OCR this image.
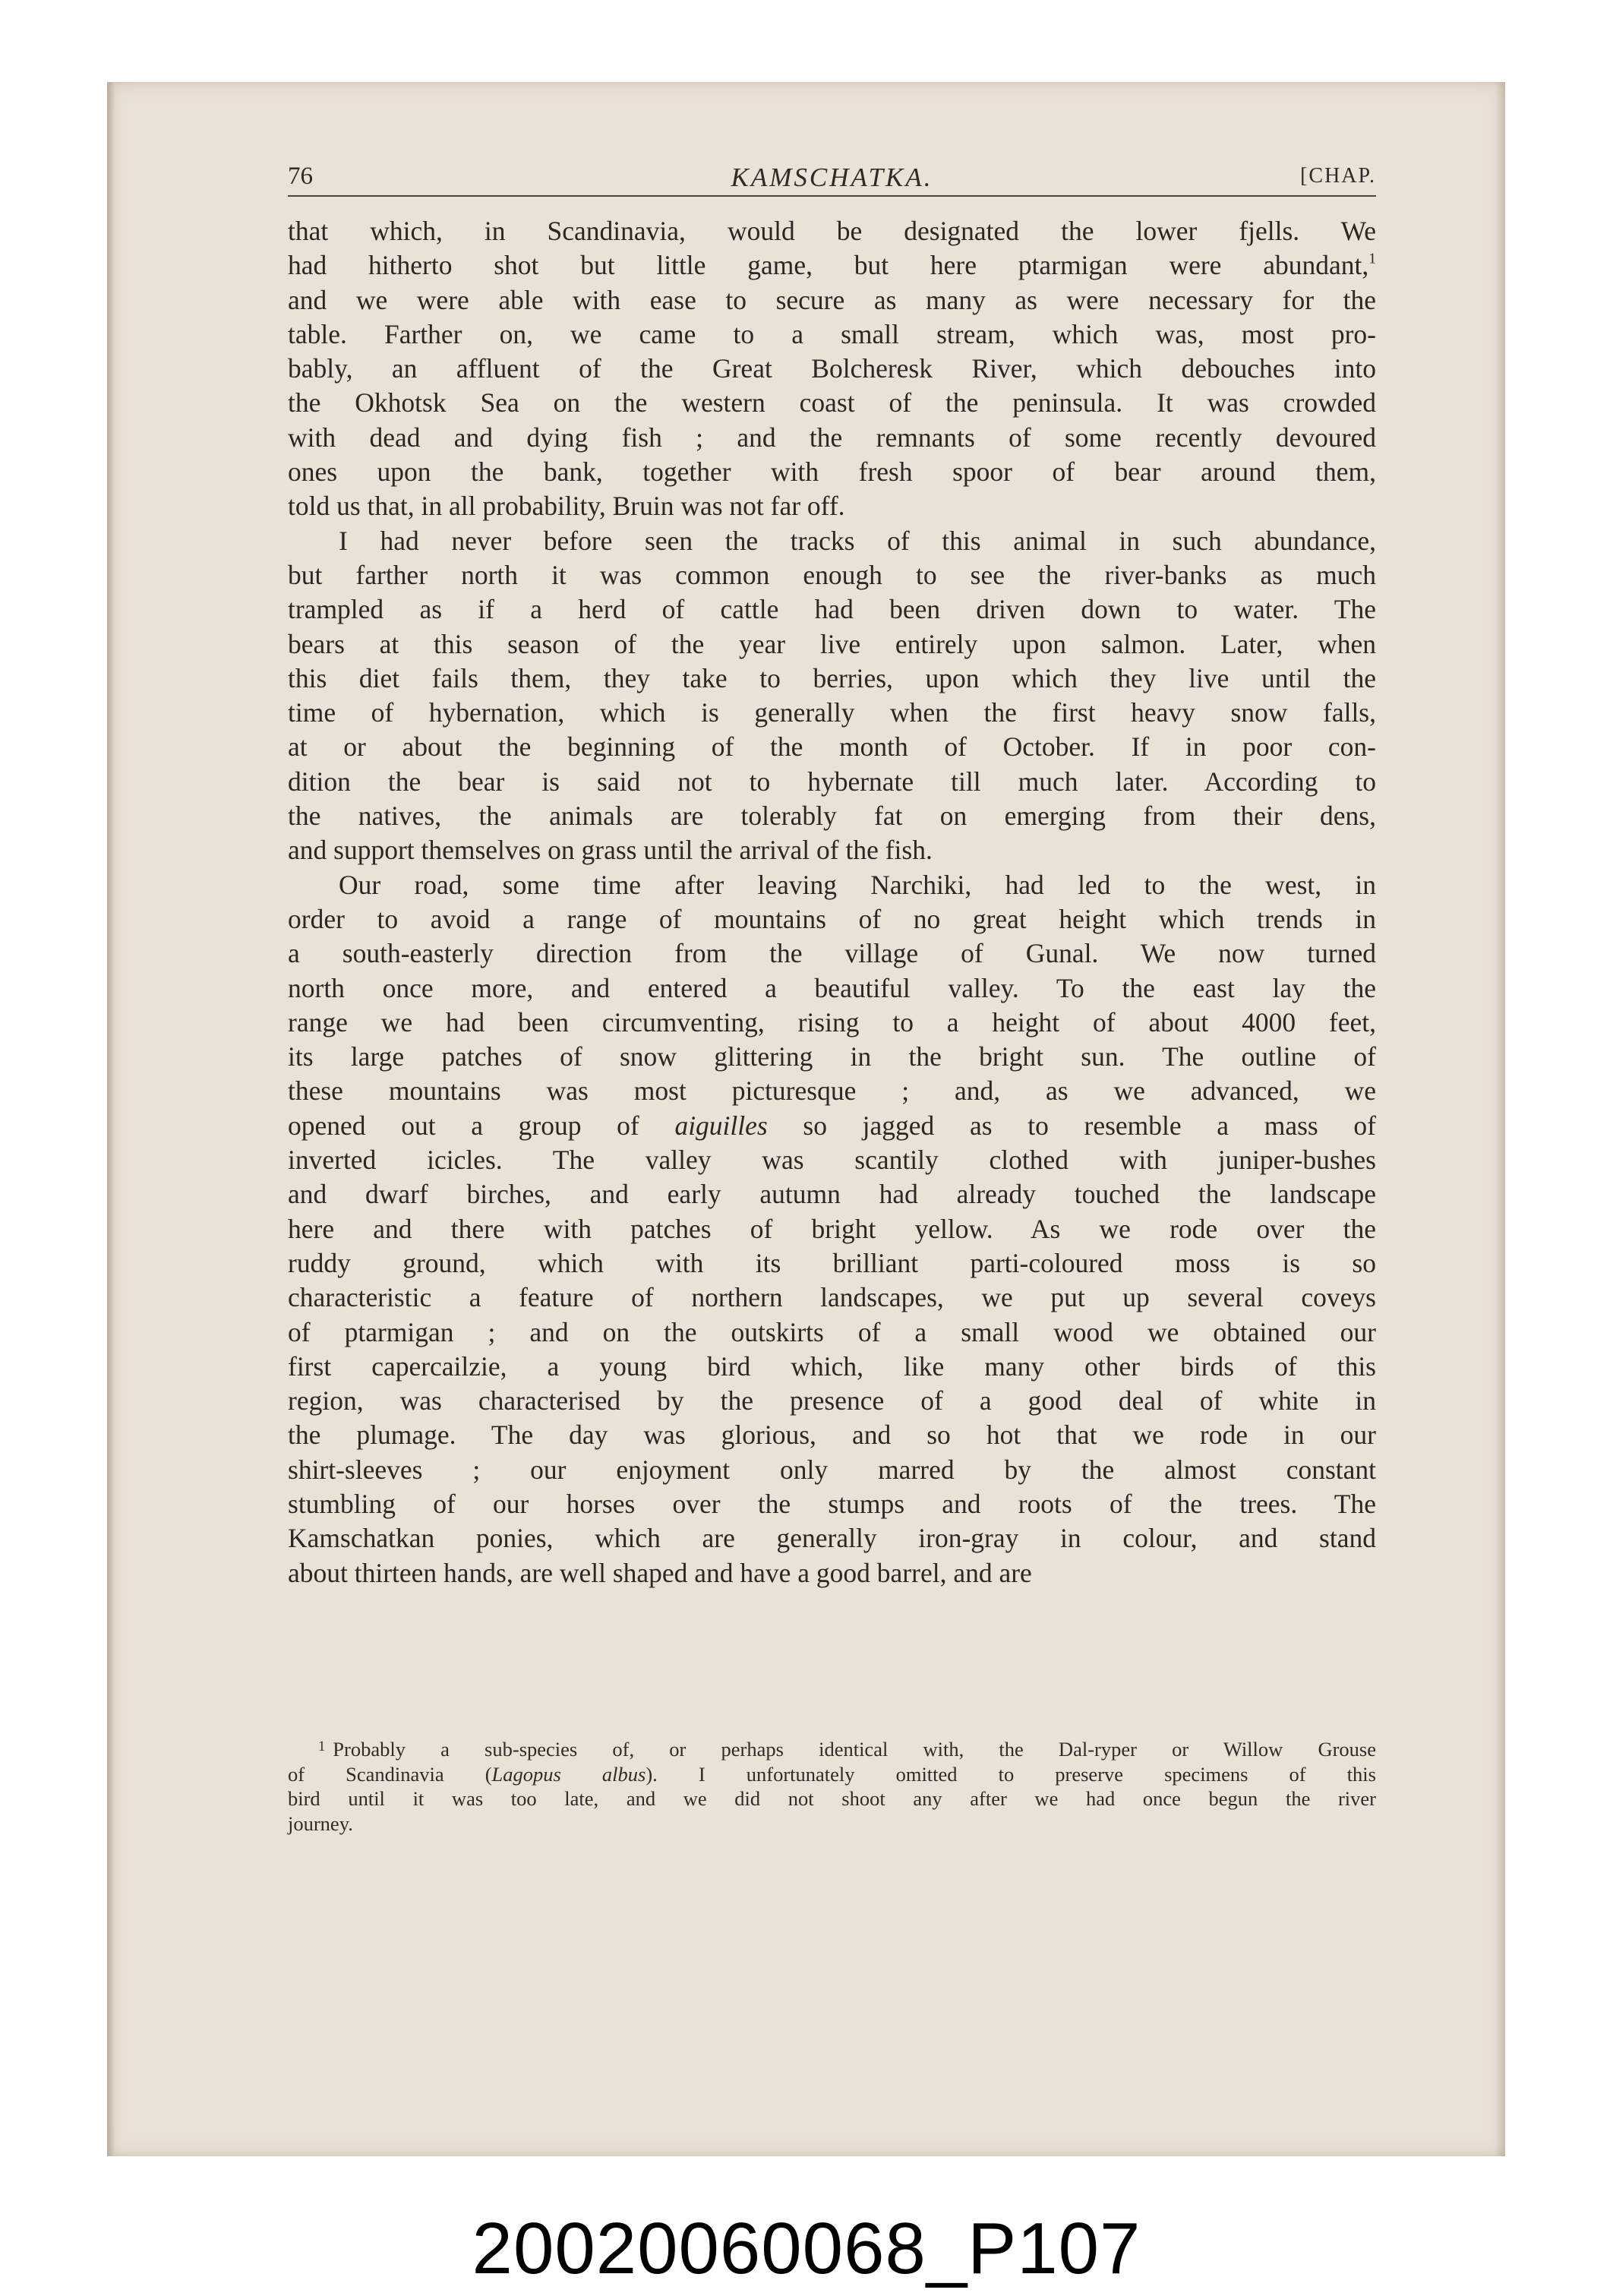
76	KAMSCHATKA.	[CHAP.
that which, in Scandinavia, would be designated the lower fjells. We
had hitherto shot but little game, but here ptarmigan were abundant,$^1$
and we were able with ease to secure as many as were necessary for the
table. Farther on, we came to a small stream, which was, most pro-
bably, an affluent of the Great Bolcheresk River, which debouches into
the Okhotsk Sea on the western coast of the peninsula. It was crowded
with dead and dying fish ; and the remnants of some recently devoured
ones upon the bank, together with fresh spoor of bear around them,
told us that, in all probability, Bruin was not far off.
I had never before seen the tracks of this animal in such abundance,
but farther north it was common enough to see the river-banks as much
trampled as if a herd of cattle had been driven down to water. The
bears at this season of the year live entirely upon salmon. Later, when
this diet fails them, they take to berries, upon which they live until the
time of hybernation, which is generally when the first heavy snow falls,
at or about the beginning of the month of October. If in poor con-
dition the bear is said not to hybernate till much later. According to
the natives, the animals are tolerably fat on emerging from their dens,
and support themselves on grass until the arrival of the fish.
Our road, some time after leaving Narchiki, had led to the west, in
order to avoid a range of mountains of no great height which trends in
a south-easterly direction from the village of Gunal. We now turned
north once more, and entered a beautiful valley. To the east lay the
range we had been circumventing, rising to a height of about 4000 feet,
its large patches of snow glittering in the bright sun. The outline of
these mountains was most picturesque ; and, as we advanced, we
opened out a group of aiguilles so jagged as to resemble a mass of
inverted icicles. The valley was scantily clothed with juniper-bushes
and dwarf birches, and early autumn had already touched the landscape
here and there with patches of bright yellow. As we rode over the
ruddy ground, which with its brilliant parti-coloured moss is so
characteristic a feature of northern landscapes, we put up several coveys
of ptarmigan ; and on the outskirts of a small wood we obtained our
first capercailzie, a young bird which, like many other birds of this
region, was characterised by the presence of a good deal of white in
the plumage. The day was glorious, and so hot that we rode in our
shirt-sleeves ; our enjoyment only marred by the almost constant
stumbling of our horses over the stumps and roots of the trees. The
Kamschatkan ponies, which are generally iron-gray in colour, and stand
about thirteen hands, are well shaped and have a good barrel, and are
$^1$ Probably a sub-species of, or perhaps identical with, the Dal-ryper or Willow Grouse
of Scandinavia (Lagopus albus). I unfortunately omitted to preserve specimens of this
bird until it was too late, and we did not shoot any after we had once begun the river
journey.
20020060068_P107
